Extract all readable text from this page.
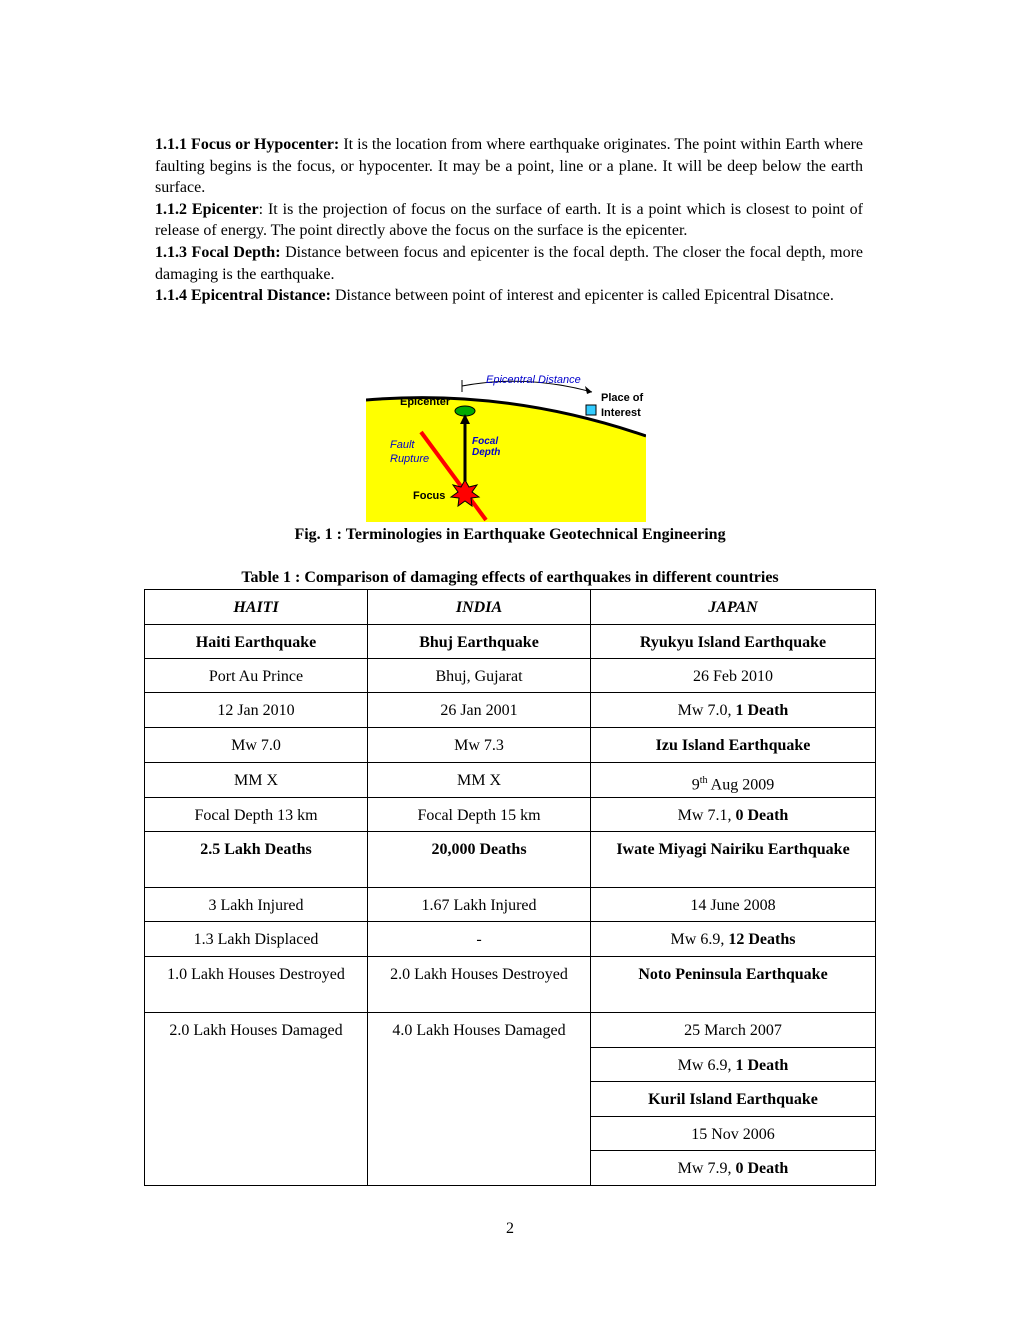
1.1.1 Focus or Hypocenter: It is the location from where earthquake originates. The point within Earth where faulting begins is the focus, or hypocenter. It may be a point, line or a plane. It will be deep below the earth surface.

1.1.2 Epicenter: It is the projection of focus on the surface of earth. It is a point which is closest to point of release of energy. The point directly above the focus on the surface is the epicenter.

1.1.3 Focal Depth: Distance between focus and epicenter is the focal depth. The closer the focal depth, more damaging is the earthquake.

1.1.4 Epicentral Distance: Distance between point of interest and epicenter is called Epicentral Disatnce.

Epicentral Distance
Epicenter	Place of
Interest
Focal
Depth
Fault
Rupture
Focus
Fig. 1 : Terminologies in Earthquake Geotechnical Engineering
Table 1 : Comparison of damaging effects of earthquakes in different countries
HAITI	INDIA	JAPAN
Haiti Earthquake	Bhuj Earthquake	Ryukyu Island Earthquake
Port Au Prince	Bhuj, Gujarat	26 Feb 2010
12 Jan 2010	26 Jan 2001	Mw 7.0, 1 Death
Mw 7.0	Mw 7.3	Izu Island Earthquake
MM X	MM X	9th Aug 2009
Focal Depth 13 km	Focal Depth 15 km	Mw 7.1, 0 Death
2.5 Lakh Deaths	20,000 Deaths	Iwate Miyagi Nairiku Earthquake
3 Lakh Injured	1.67 Lakh Injured	14 June 2008
1.3 Lakh Displaced	-	Mw 6.9, 12 Deaths
1.0 Lakh Houses Destroyed	2.0 Lakh Houses Destroyed	Noto Peninsula Earthquake
2.0 Lakh Houses Damaged	4.0 Lakh Houses Damaged	25 March 2007
		Mw 6.9, 1 Death
		Kuril Island Earthquake
		15 Nov 2006
		Mw 7.9, 0 Death
2
